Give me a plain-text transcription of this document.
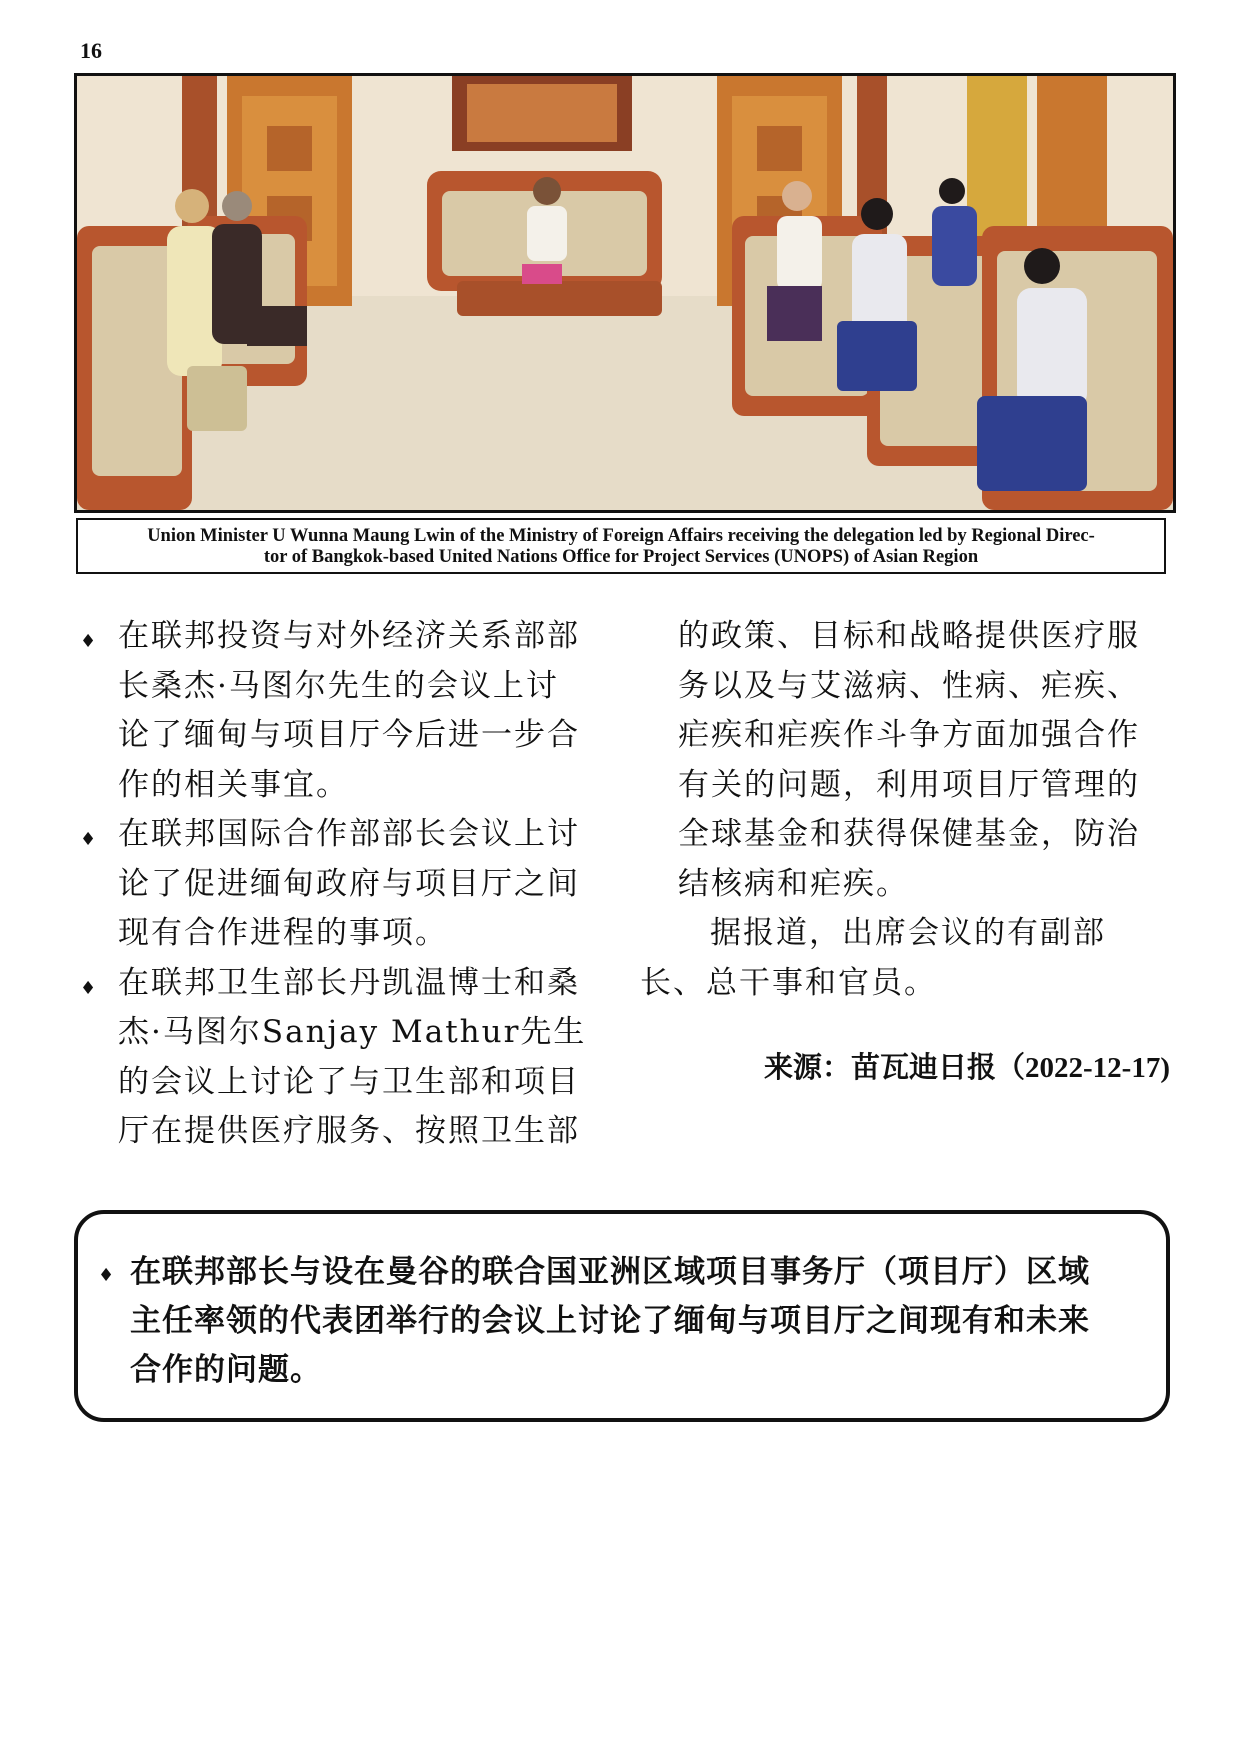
16
Union Minister U Wunna Maung Lwin of the Ministry of Foreign Affairs receiving the delegation led by Regional Direc-
tor of Bangkok-based United Nations Office for Project Services (UNOPS) of Asian Region
♦ 在联邦投资与对外经济关系部部
长桑杰·马图尔先生的会议上讨
论了缅甸与项目厅今后进一步合
作的相关事宜。
♦ 在联邦国际合作部部长会议上讨
论了促进缅甸政府与项目厅之间
现有合作进程的事项。
♦ 在联邦卫生部长丹凯温博士和桑
杰·马图尔Sanjay Mathur先生
的会议上讨论了与卫生部和项目
厅在提供医疗服务、按照卫生部
的政策、目标和战略提供医疗服
务以及与艾滋病、性病、疟疾、
疟疾和疟疾作斗争方面加强合作
有关的问题，利用项目厅管理的
全球基金和获得保健基金，防治
结核病和疟疾。
据报道，出席会议的有副部
长、总干事和官员。
来源：苗瓦迪日报（2022-12-17)
♦ 在联邦部长与设在曼谷的联合国亚洲区域项目事务厅（项目厅）区域
主任率领的代表团举行的会议上讨论了缅甸与项目厅之间现有和未来
合作的问题。
